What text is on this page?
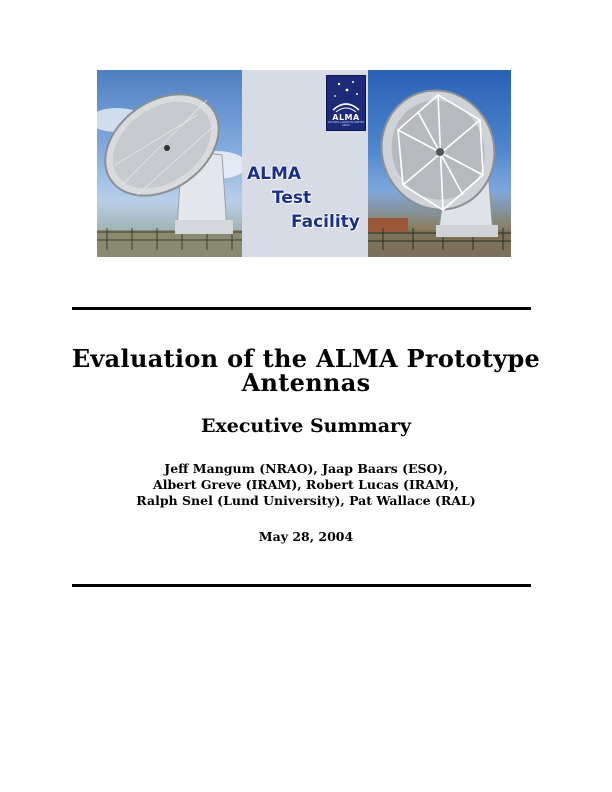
ALMA
ATACAMA LARGE MILLIMETER ARRAY
ALMA
Test
Facility
Evaluation of the ALMA Prototype
Antennas
Executive Summary
Jeff Mangum (NRAO), Jaap Baars (ESO),
Albert Greve (IRAM), Robert Lucas (IRAM),
Ralph Snel (Lund University), Pat Wallace (RAL)
May 28, 2004
